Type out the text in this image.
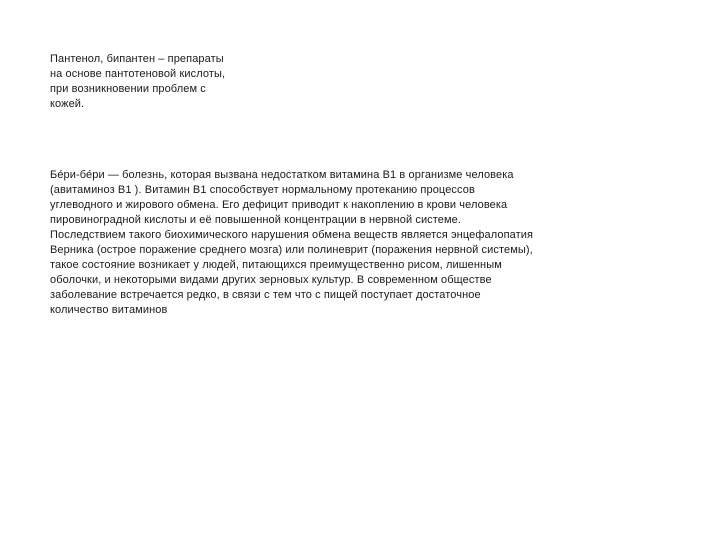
Пантенол, бипантен – препараты
на основе пантотеновой кислоты,
при возникновении проблем с
кожей.
Бе́ри-бе́ри — болезнь, которая вызвана недостатком витамина В1 в организме человека
(авитаминоз В1 ). Витамин В1 способствует нормальному протеканию процессов
углеводного и жирового обмена. Его дефицит приводит к накоплению в крови человека
пировиноградной кислоты и её повышенной концентрации в нервной системе.
Последствием такого биохимического нарушения обмена веществ является энцефалопатия
Верника (острое поражение среднего мозга) или полиневрит (поражения нервной системы),
такое состояние возникает у людей, питающихся преимущественно рисом, лишенным
оболочки, и некоторыми видами других зерновых культур. В современном обществе
заболевание встречается редко, в связи с тем что с пищей поступает достаточное
количество витаминов
